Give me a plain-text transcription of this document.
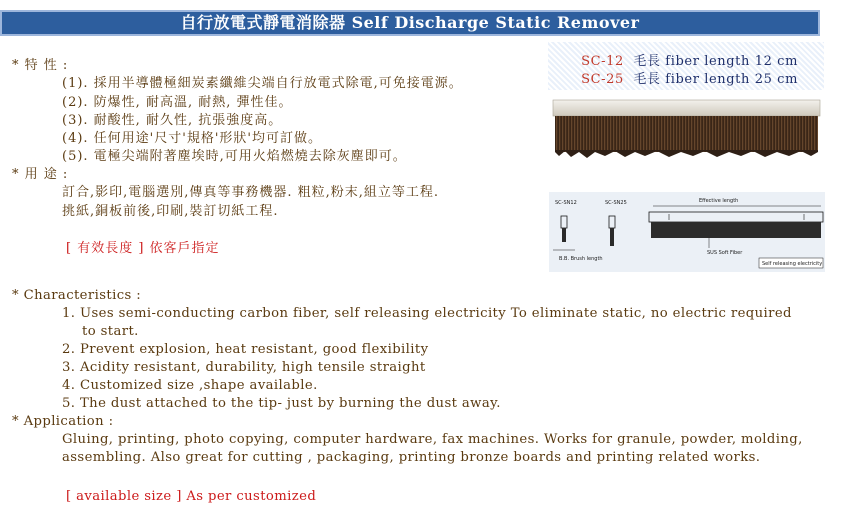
自行放電式靜電消除器 Self Discharge Static Remover
* 特 性 :
(1). 採用半導體極細炭素纖維尖端自行放電式除電,可免接電源。
(2). 防爆性, 耐高溫, 耐熱, 彈性佳。
(3). 耐酸性, 耐久性, 抗張強度高。
(4). 任何用途'尺寸'規格'形狀'均可訂做。
(5). 電極尖端附著塵埃時,可用火焰燃燒去除灰塵即可。
* 用 途 :
訂合,影印,電腦選別,傳真等事務機器. 粗粒,粉末,組立等工程.
挑紙,銅板前後,印刷,裝訂切紙工程.
[ 有效長度 ] 依客戶指定
SC-12 毛長 fiber length 12 cm
SC-25 毛長 fiber length 25 cm
SC-SN12	SC-SN25
B.B. Brush length
Effective length
SUS Soft Fiber
Self releasing electricity
* Characteristics :
1. Uses semi-conducting carbon fiber, self releasing electricity To eliminate static, no electric required
to start.
2. Prevent explosion, heat resistant, good flexibility
3. Acidity resistant, durability, high tensile straight
4. Customized size ,shape available.
5. The dust attached to the tip- just by burning the dust away.
* Application :
Gluing, printing, photo copying, computer hardware, fax machines. Works for granule, powder, molding,
assembling. Also great for cutting , packaging, printing bronze boards and printing related works.
[ available size ] As per customized
